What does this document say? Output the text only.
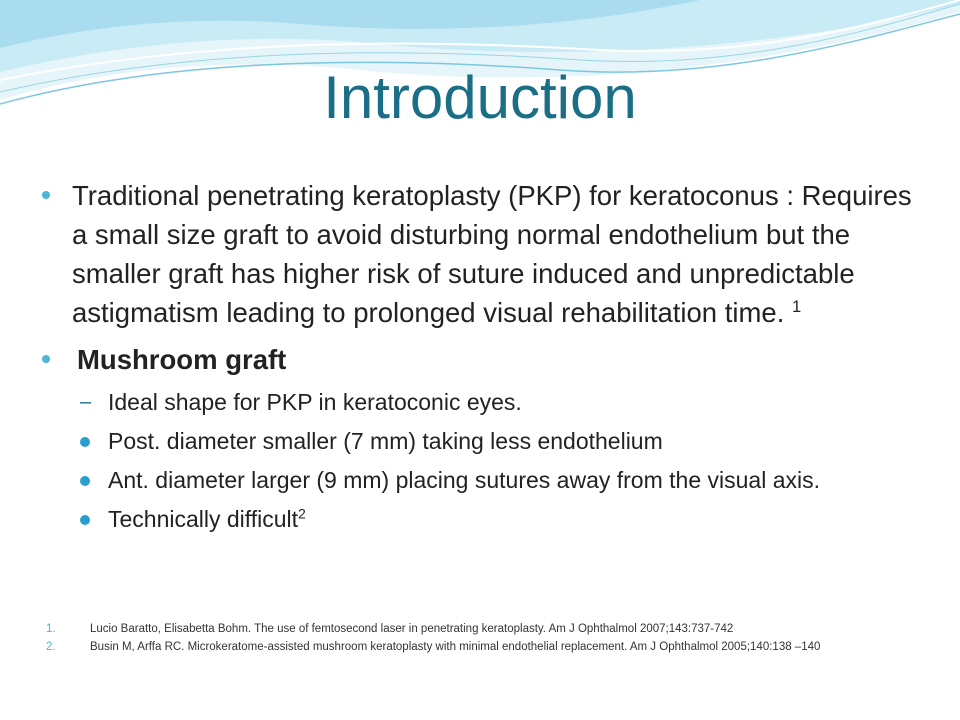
Introduction
Traditional penetrating keratoplasty (PKP) for keratoconus : Requires a small size graft to avoid disturbing normal endothelium but the smaller graft has higher risk of suture induced and unpredictable astigmatism leading to prolonged visual rehabilitation time. $^1$
Mushroom graft
– Ideal shape for PKP in keratoconic eyes.
Post. diameter smaller (7 mm) taking less endothelium
Ant. diameter larger (9 mm) placing sutures away from the visual axis.
Technically difficult$^2$
1.	Lucio Baratto, Elisabetta Bohm. The use of femtosecond laser in penetrating keratoplasty. Am J Ophthalmol 2007;143:737-742
2.	Busin M, Arffa RC. Microkeratome-assisted mushroom keratoplasty with minimal endothelial replacement. Am J Ophthalmol 2005;140:138 –140
